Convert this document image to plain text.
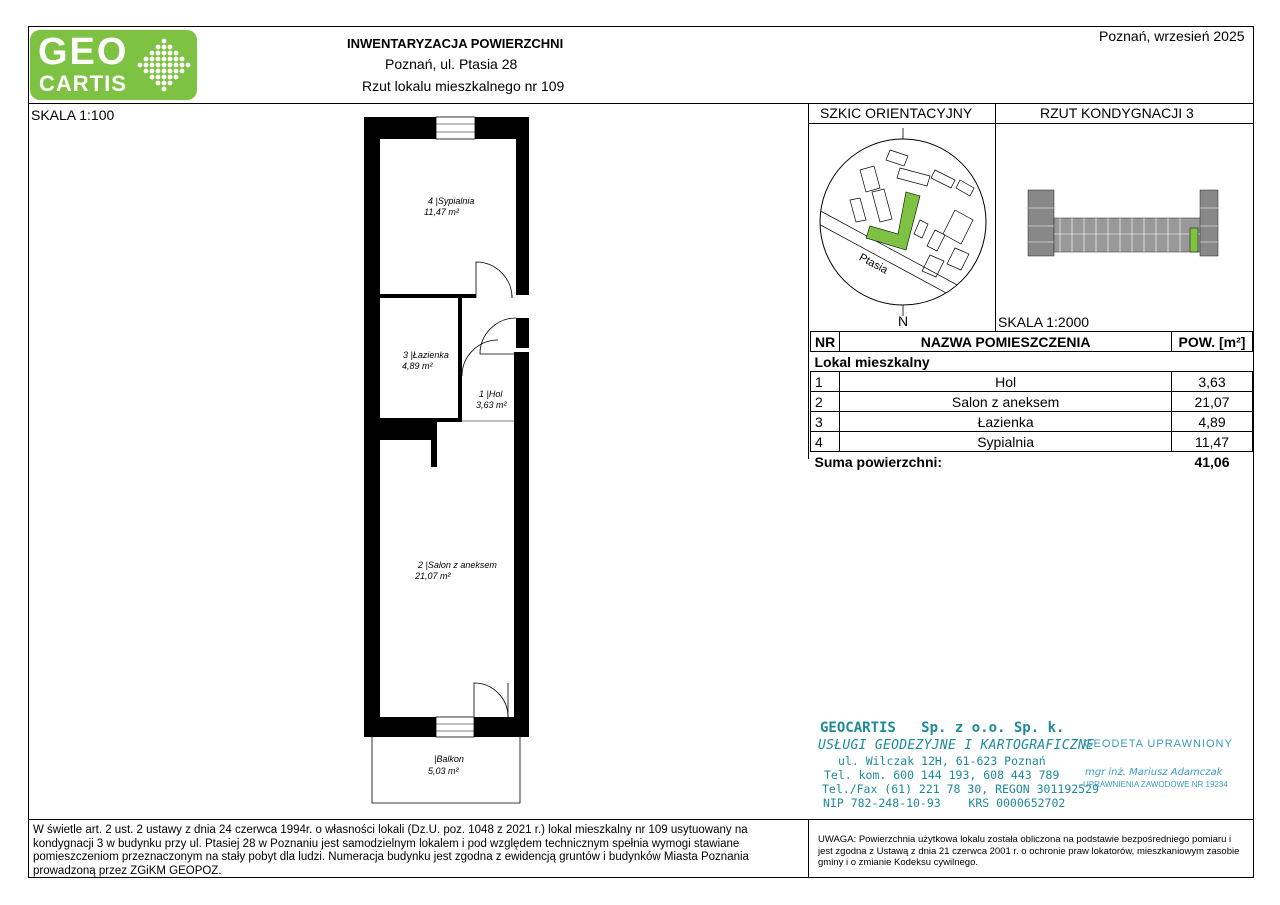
GEO
CARTIS
INWENTARYZACJA POWIERZCHNI
Poznań, ul. Ptasia 28
Rzut lokalu mieszkalnego nr 109
Poznań, wrzesień 2025
SKALA 1:100
4 |Sypialnia
11,47 m²
3 |Łazienka
4,89 m²
1 |Hol
3,63 m²
2 |Salon z aneksem
21,07 m²
|Balkon
5,03 m²
SZKIC ORIENTACYJNY	RZUT KONDYGNACJI 3
Ptasia
N	SKALA 1:2000
NR	NAZWA POMIESZCZENIA	POW. [m²]
Lokal mieszkalny		
1	Hol	3,63
2	Salon z aneksem	21,07
3	Łazienka	4,89
4	Sypialnia	11,47
Suma powierzchni:		41,06
GEOCARTIS   Sp. z o.o. Sp. k.
USŁUGI GEODEZYJNE I KARTOGRAFICZNE
ul. Wilczak 12H, 61-623 Poznań
Tel. kom. 600 144 193, 608 443 789
Tel./Fax (61) 221 78 30, REGON 301192529
NIP 782-248-10-93    KRS 0000652702
GEODETA UPRAWNIONY
mgr inż. Mariusz Adamczak
UPRAWNIENIA ZAWODOWE NR 19234
W świetle art. 2 ust. 2 ustawy z dnia 24 czerwca 1994r. o własności lokali (Dz.U. poz. 1048 z 2021 r.) lokal mieszkalny nr 109 usytuowany na
kondygnacji 3 w budynku przy ul. Ptasiej 28 w Poznaniu jest samodzielnym lokalem i pod względem technicznym spełnia wymogi stawiane
pomieszczeniom przeznaczonym na stały pobyt dla ludzi. Numeracja budynku jest zgodna z ewidencją gruntów i budynków Miasta Poznania
prowadzoną przez ZGiKM GEOPOZ.
UWAGA: Powierzchnia użytkowa lokalu została obliczona na podstawie bezpośredniego pomiaru i
jest zgodna z Ustawą z dnia 21 czerwca 2001 r. o ochronie praw lokatorów, mieszkaniowym zasobie
gminy i o zmianie Kodeksu cywilnego.
